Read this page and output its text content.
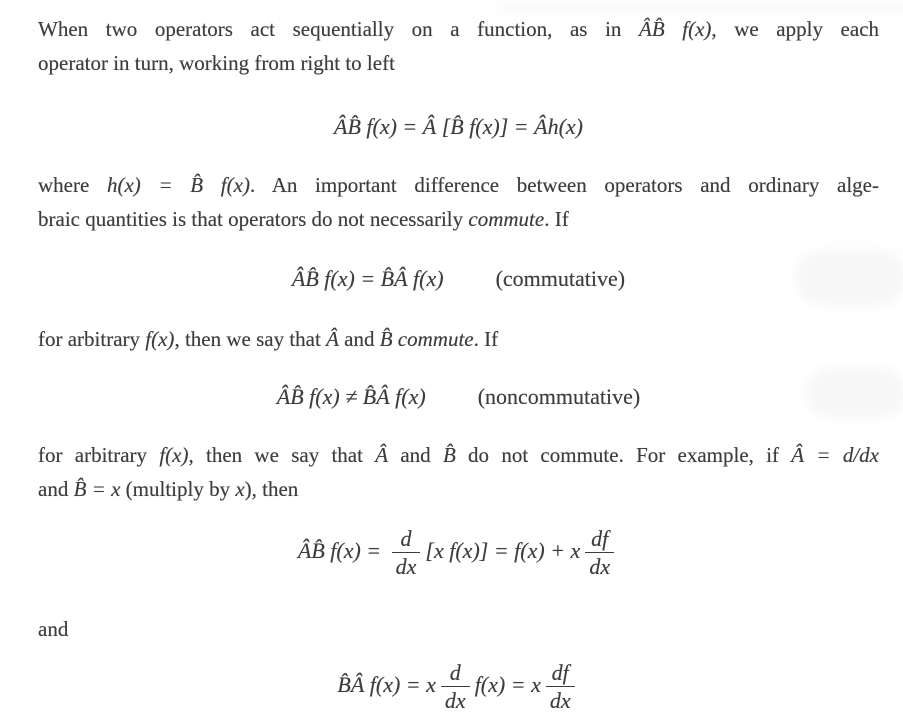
When two operators act sequentially on a function, as in ÂB̂ f(x), we apply each
operator in turn, working from right to left
ÂB̂ f(x) = Â [B̂ f(x)] = Âh(x)
where h(x) = B̂ f(x). An important difference between operators and ordinary alge-
braic quantities is that operators do not necessarily commute. If
ÂB̂ f(x) = B̂Â f(x) (commutative)
for arbitrary f(x), then we say that Â and B̂ commute. If
ÂB̂ f(x) ≠ B̂Â f(x) (noncommutative)
for arbitrary f(x), then we say that Â and B̂ do not commute. For example, if Â = d/dx
and B̂ = x (multiply by x), then
ÂB̂ $f(x) = \frac{d}{dx} [x$ f(x)] = f(x) + x $\frac{df}{dx}$
and
B̂Â f(x) = x $\frac{d}{dx} f(x) = x \frac{df}{dx}$
